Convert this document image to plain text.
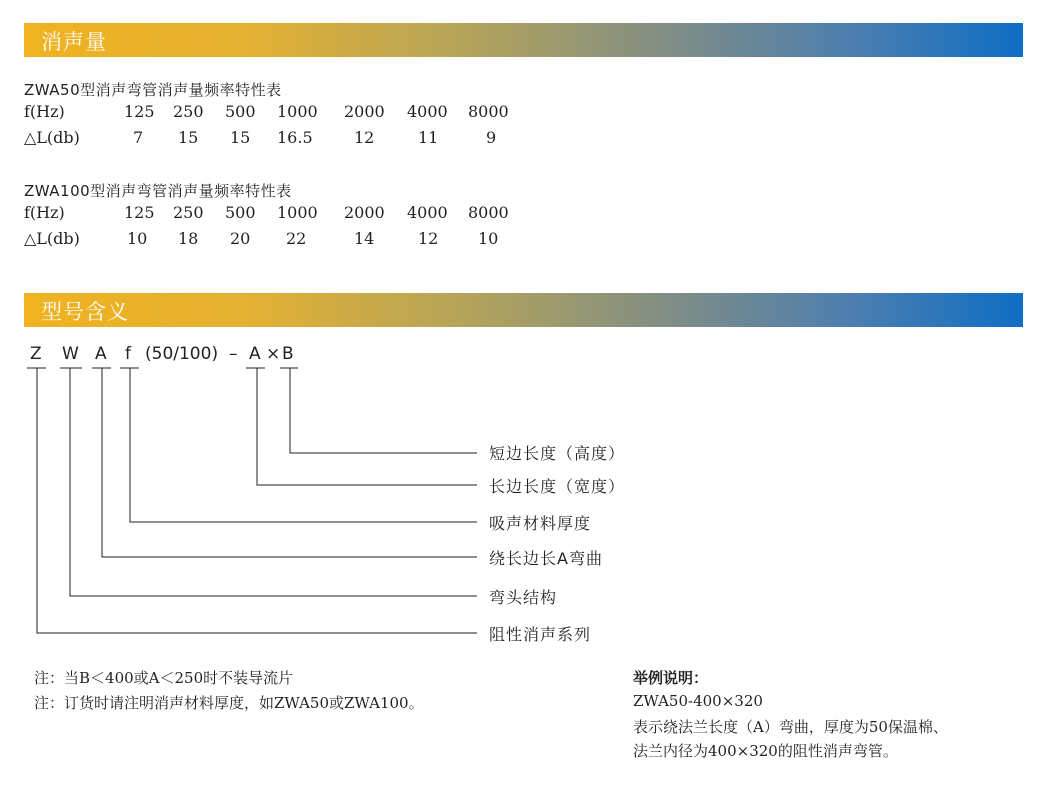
消声量
ZWA50型消声弯管消声量频率特性表
f(Hz)	125 250 500 1000 2000 4000 8000
△L(db)	7 15 15 16.5	12	11	9
ZWA100型消声弯管消声量频率特性表
f(Hz)	125 250 500 1000 2000 4000 8000
△L(db)	10 18 20 22	14	12 10
型号含义
Z W A f (50/100) – A × B
短边长度（高度）
长边长度（宽度）
吸声材料厚度
绕长边长A弯曲
弯头结构
阻性消声系列
注：当B＜400或A＜250时不装导流片
注：订货时请注明消声材料厚度，如ZWA50或ZWA100。
举例说明：
ZWA50-400×320
表示绕法兰长度（A）弯曲，厚度为50保温棉、
法兰内径为400×320的阻性消声弯管。
